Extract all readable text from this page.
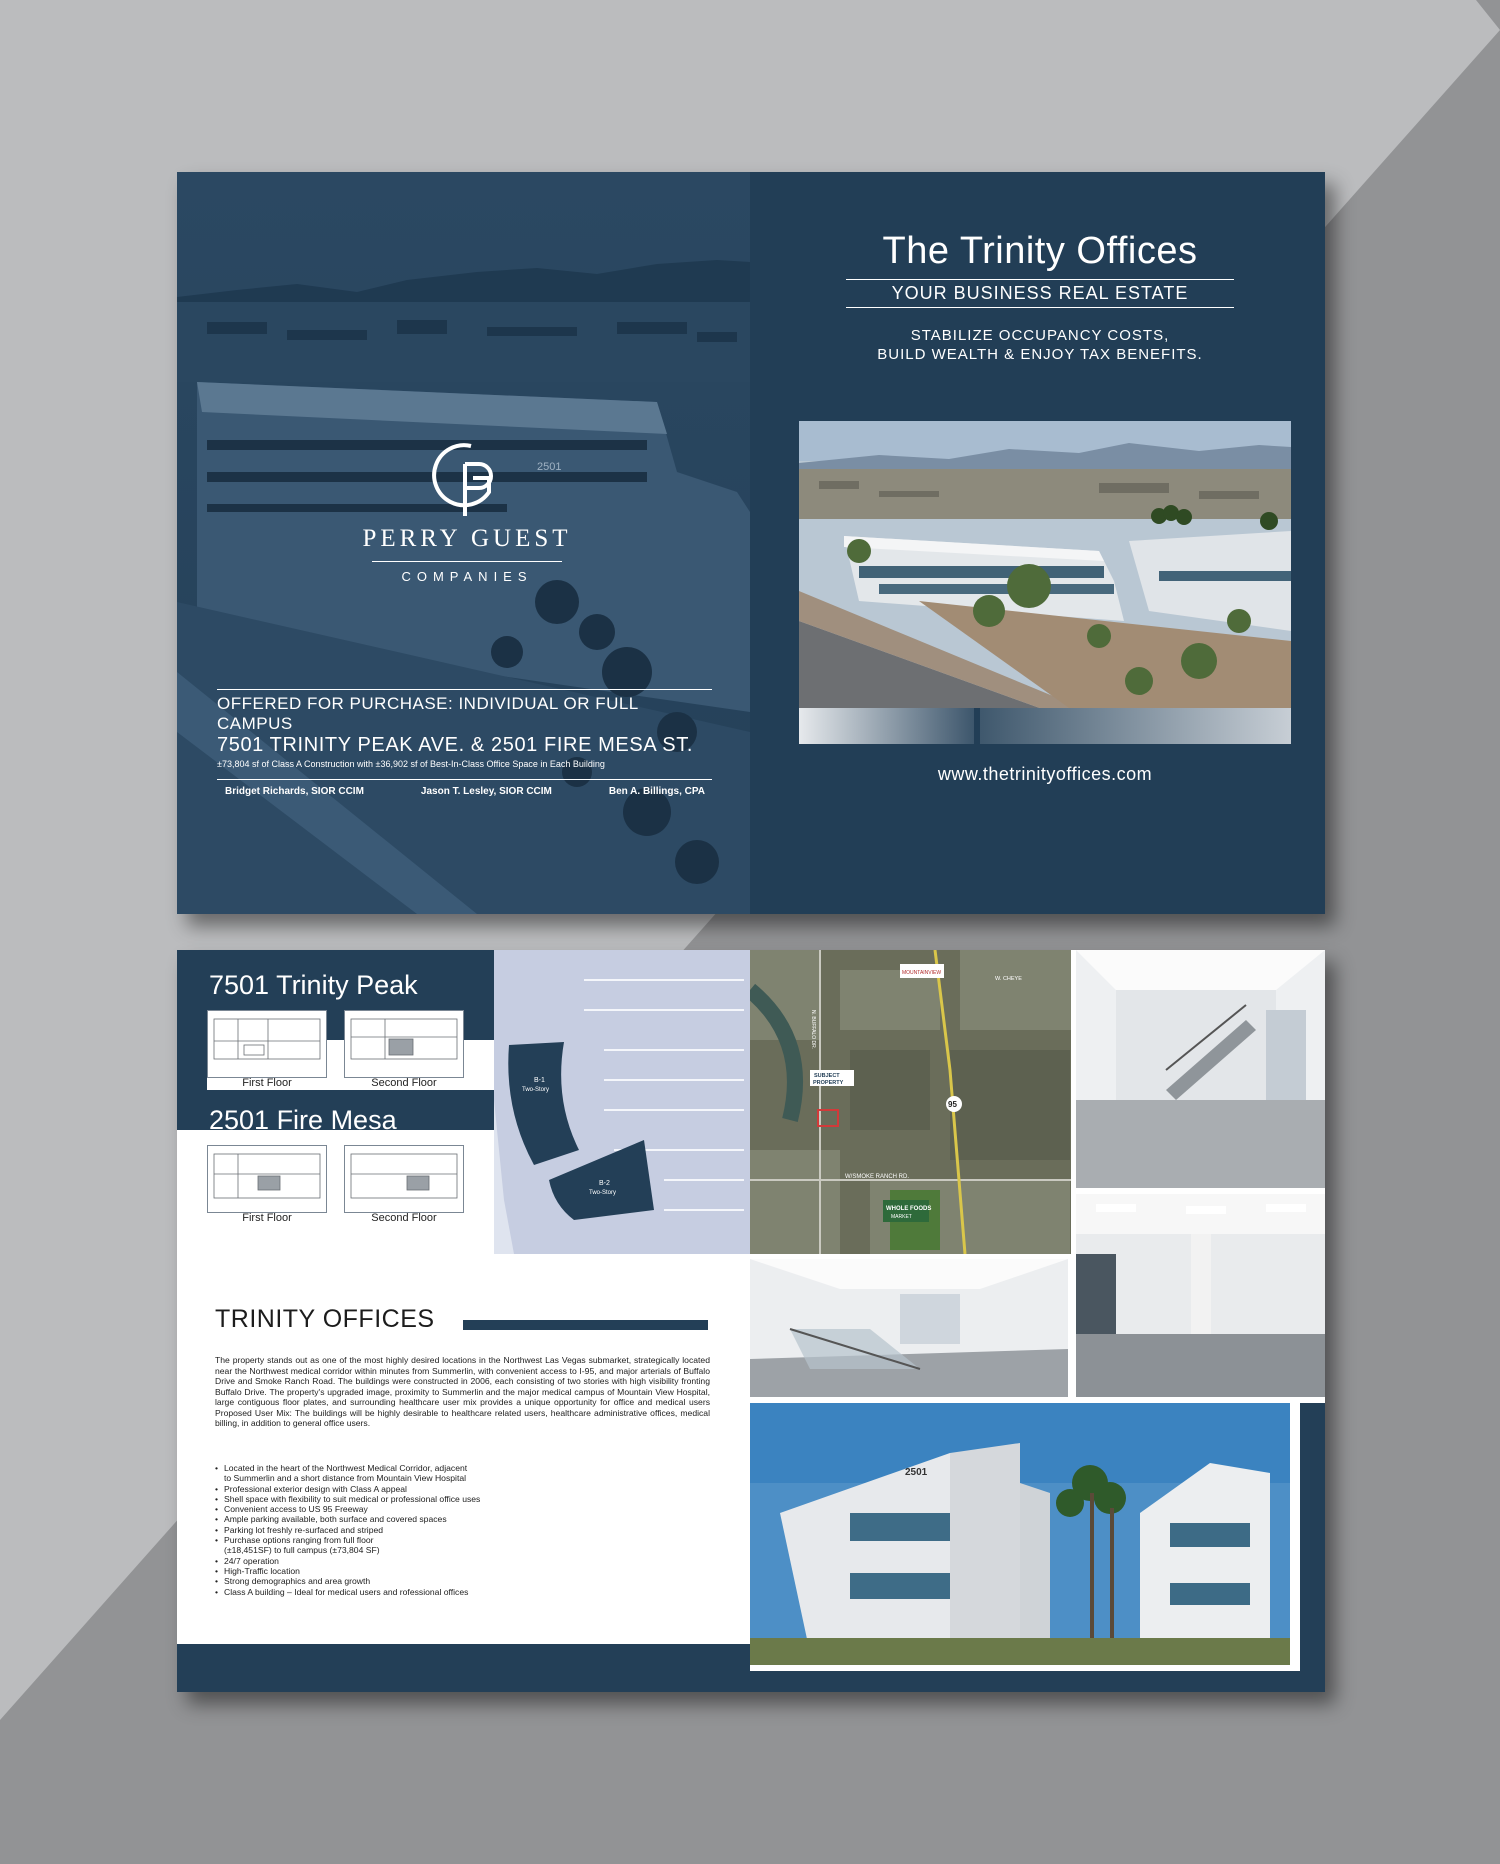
2501
PERRY GUEST
COMPANIES
OFFERED FOR PURCHASE: INDIVIDUAL OR FULL CAMPUS
7501 TRINITY PEAK AVE. & 2501 FIRE MESA ST.
±73,804 sf of Class A Construction with ±36,902 sf of Best-In-Class Office Space in Each Building
Bridget Richards, SIOR CCIM	Jason T. Lesley, SIOR CCIM	Ben A. Billings, CPA
The Trinity Offices
YOUR BUSINESS REAL ESTATE
STABILIZE OCCUPANCY COSTS,
BUILD WEALTH & ENJOY TAX BENEFITS.
www.thetrinityoffices.com
7501 Trinity Peak
2501 Fire Mesa
First Floor	Second Floor
First Floor	Second Floor
B-1
Two-Story
B-2
Two-Story
SUBJECT
PROPERTY
W/SMOKE RANCH RD.
MOUNTAINVIEW
W. CHEYE
N. BUFFALO DR.
95
WHOLE FOODS
MARKET
2501
TRINITY OFFICES
The property stands out as one of the most highly desired locations in the Northwest Las Vegas submarket, strategically located near the Northwest medical corridor within minutes from Summerlin, with convenient access to I-95, and major arterials of Buffalo Drive and Smoke Ranch Road. The buildings were constructed in 2006, each consisting of two stories with high visibility fronting Buffalo Drive. The property's upgraded image, proximity to Summerlin and the major medical campus of Mountain View Hospital, large contiguous floor plates, and surrounding healthcare user mix provides a unique opportunity for office and medical users Proposed User Mix: The buildings will be highly desirable to healthcare related users, healthcare administrative offices, medical billing, in addition to general office users.
• Located in the heart of the Northwest Medical Corridor, adjacent
to Summerlin and a short distance from Mountain View Hospital
• Professional exterior design with Class A appeal
• Shell space with flexibility to suit medical or professional office uses
• Convenient access to US 95 Freeway
• Ample parking available, both surface and covered spaces
• Parking lot freshly re-surfaced and striped
• Purchase options ranging from full floor
(±18,451SF) to full campus (±73,804 SF)
• 24/7 operation
• High-Traffic location
• Strong demographics and area growth
• Class A building – Ideal for medical users and rofessional offices
